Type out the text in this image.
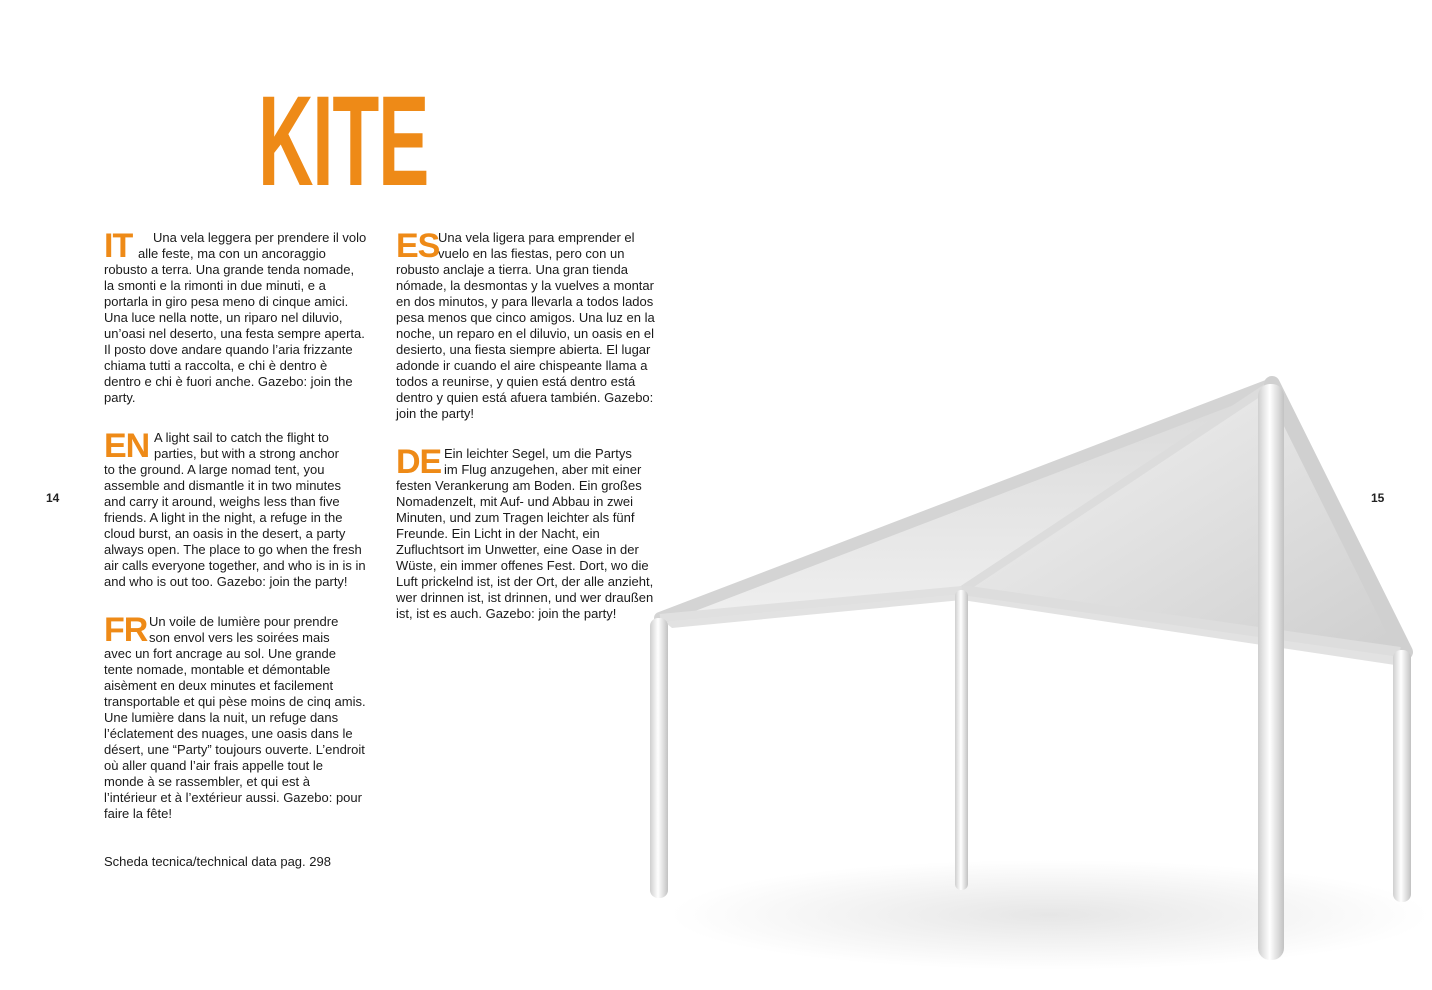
14	15
KITE
IT	Una vela leggera per prendere il volo
alle feste, ma con un ancoraggio
robusto a terra. Una grande tenda nomade, la smonti e la rimonti in due minuti, e a portarla in giro pesa meno di cinque amici. Una luce nella notte, un riparo nel diluvio, un’oasi nel deserto, una festa sempre aperta. Il posto dove andare quando l’aria frizzante chiama tutti a raccolta, e chi è dentro è dentro e chi è fuori anche. Gazebo: join the party.
EN A light sail to catch the flight to
parties, but with a strong anchor
to the ground. A large nomad tent, you assemble and dismantle it in two minutes and carry it around, weighs less than five friends. A light in the night, a refuge in the cloud burst, an oasis in the desert, a party always open. The place to go when the fresh air calls everyone together, and who is in is in and who is out too. Gazebo: join the party!
FR Un voile de lumière pour prendre
son envol vers les soirées mais
avec un fort ancrage au sol. Une grande tente nomade, montable et démontable aisèment en deux minutes et facilement transportable et qui pèse moins de cinq amis. Une lumière dans la nuit, un refuge dans l’éclatement des nuages, une oasis dans le désert, une “Party” toujours ouverte. L’endroit où aller quand l’air frais appelle tout le monde à se rassembler, et qui est à l’intérieur et à l’extérieur aussi. Gazebo: pour faire la fête!
ES
Una vela ligera para emprender el
vuelo en las fiestas, pero con un
robusto anclaje a tierra. Una gran tienda nómade, la desmontas y la vuelves a montar en dos minutos, y para llevarla a todos lados pesa menos que cinco amigos. Una luz en la noche, un reparo en el diluvio, un oasis en el desierto, una fiesta siempre abierta. El lugar adonde ir cuando el aire chispeante llama a todos a reunirse, y quien está dentro está dentro y quien está afuera también. Gazebo: join the party!
DE Ein leichter Segel, um die Partys
im Flug anzugehen, aber mit einer
festen Verankerung am Boden. Ein großes Nomadenzelt, mit Auf- und Abbau in zwei Minuten, und zum Tragen leichter als fünf Freunde. Ein Licht in der Nacht, ein Zufluchtsort im Unwetter, eine Oase in der Wüste, ein immer offenes Fest. Dort, wo die Luft prickelnd ist, ist der Ort, der alle anzieht, wer drinnen ist, ist drinnen, und wer draußen ist, ist es auch. Gazebo: join the party!
Scheda tecnica/technical data pag. 298
